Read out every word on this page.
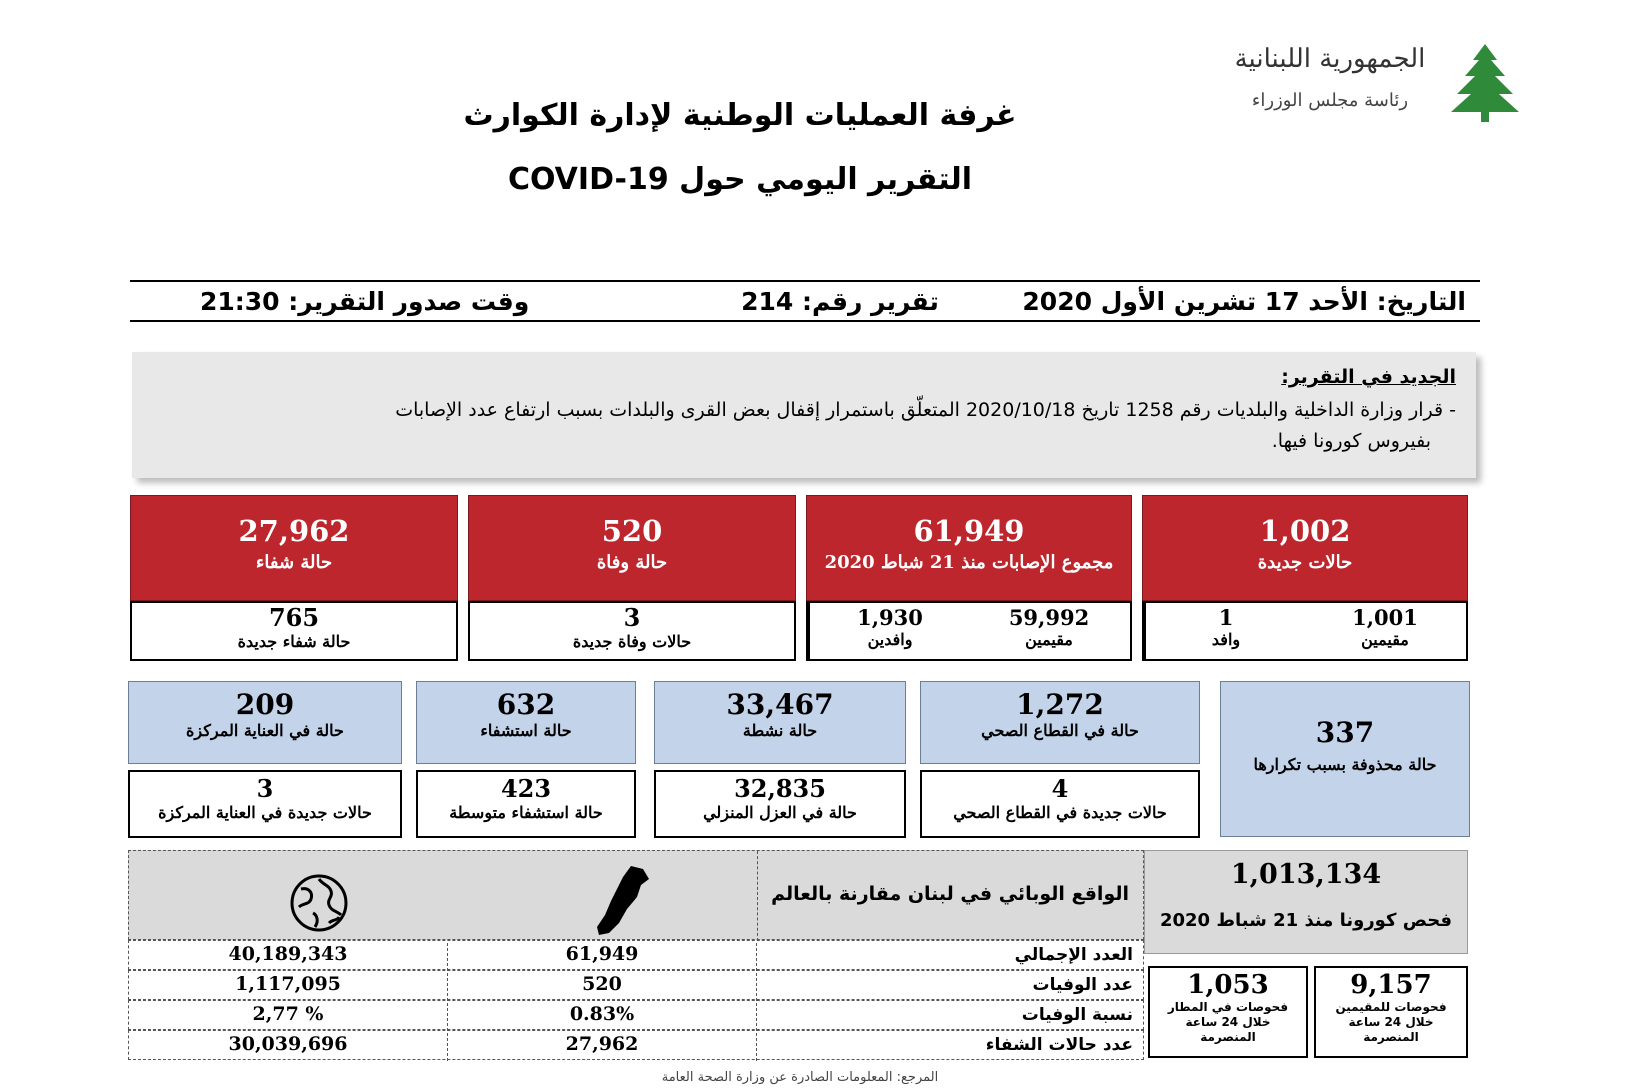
الجمهورية اللبنانية
رئاسة مجلس الوزراء
غرفة العمليات الوطنية لإدارة الكوارث
التقرير اليومي حول COVID-19
التاريخ: الأحد 17 تشرين الأول 2020
تقرير رقم: 214
وقت صدور التقرير: 21:30
الجديد في التقرير:
- قرار وزارة الداخلية والبلديات رقم 1258 تاريخ 2020/10/18 المتعلّق باستمرار إقفال بعض القرى والبلدات بسبب ارتفاع عدد الإصابات
بفيروس كورونا فيها.
1,002
حالات جديدة
1,001
مقيمين
1
وافد
61,949
مجموع الإصابات منذ 21 شباط 2020
59,992
مقيمين
1,930
وافدين
520
حالة وفاة
3
حالات وفاة جديدة
27,962
حالة شفاء
765
حالة شفاء جديدة
337
حالة محذوفة بسبب تكرارها
1,272
حالة في القطاع الصحي
4
حالات جديدة في القطاع الصحي
33,467
حالة نشطة
32,835
حالة في العزل المنزلي
632
حالة استشفاء
423
حالة استشفاء متوسطة
209
حالة في العناية المركزة
3
حالات جديدة في العناية المركزة
الواقع الوبائي في لبنان مقارنة بالعالم
العدد الإجمالي
61,949
40,189,343
عدد الوفيات
520
1,117,095
نسبة الوفيات
0.83%
2,77 %
عدد حالات الشفاء
27,962
30,039,696
1,013,134
فحص كورونا منذ 21 شباط 2020
9,157
فحوصات للمقيمين خلال 24 ساعة المنصرمة
1,053
فحوصات في المطار خلال 24 ساعة المنصرمة
المرجع: المعلومات الصادرة عن وزارة الصحة العامة
